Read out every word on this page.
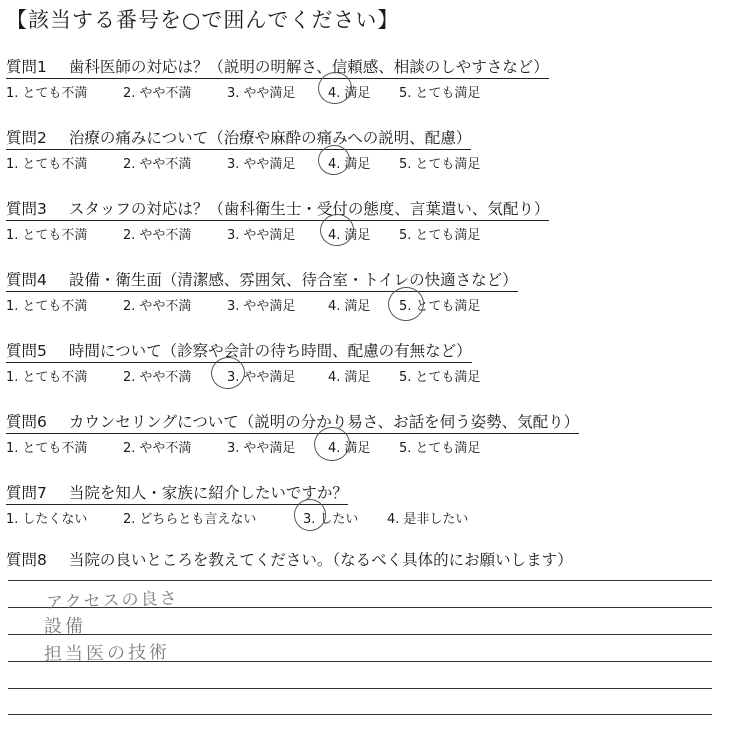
【該当する番号を○で囲んでください】
質問1 歯科医師の対応は？（説明の明解さ、信頼感、相談のしやすさなど）
1. とても不満	2. やや不満	3. やや満足	4. 満足 5. とても満足
質問2 治療の痛みについて（治療や麻酔の痛みへの説明、配慮）
1. とても不満	2. やや不満	3. やや満足	4. 満足 5. とても満足
質問3 スタッフの対応は？（歯科衛生士・受付の態度、言葉遣い、気配り）
1. とても不満	2. やや不満	3. やや満足	4. 満足 5. とても満足
質問4 設備・衛生面（清潔感、雰囲気、待合室・トイレの快適さなど）
1. とても不満	2. やや不満	3. やや満足	4. 満足 5. とても満足
質問5 時間について（診察や会計の待ち時間、配慮の有無など）
1. とても不満	2. やや不満	3. やや満足	4. 満足 5. とても満足
質問6 カウンセリングについて（説明の分かり易さ、お話を伺う姿勢、気配り）
1. とても不満	2. やや不満	3. やや満足	4. 満足 5. とても満足
質問7 当院を知人・家族に紹介したいですか？
1. したくない	2. どちらとも言えない	3. したい 4. 是非したい
質問8 当院の良いところを教えてください。（なるべく具体的にお願いします）
アクセスの良さ
設備
担当医の技術
